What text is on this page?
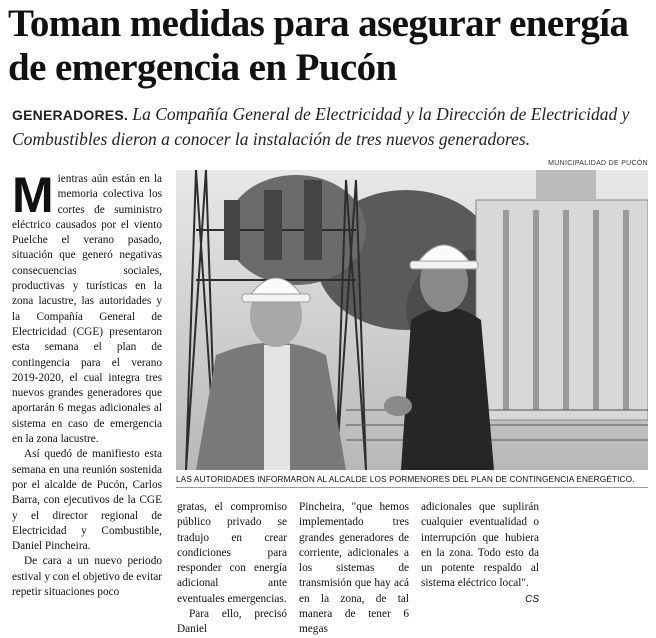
Toman medidas para asegurar energía de emergencia en Pucón

GENERADORES. La Compañía General de Electricidad y la Dirección de Electricidad y Combustibles dieron a conocer la instalación de tres nuevos generadores.

MUNICIPALIDAD DE PUCÓN

Mientras aún están en la memoria colectiva los cortes de suministro eléctrico causados por el viento Puelche el verano pasado, situación que generó negativas consecuencias sociales, productivas y turísticas en la zona lacustre, las autoridades y la Compañía General de Electricidad (CGE) presentaron esta semana el plan de contingencia para el verano 2019-2020, el cual integra tres nuevos grandes generadores que aportarán 6 megas adicionales al sistema en caso de emergencia en la zona lacustre.

Así quedó de manifiesto esta semana en una reunión sostenida por el alcalde de Pucón, Carlos Barra, con ejecutivos de la CGE y el director regional de Electricidad y Combustible, Daniel Pincheira.

De cara a un nuevo periodo estival y con el objetivo de evitar repetir situaciones poco

LAS AUTORIDADES INFORMARON AL ALCALDE LOS PORMENORES DEL PLAN DE CONTINGENCIA ENERGÉTICO.

gratas, el compromiso público privado se tradujo en crear condiciones para responder con energía adicional ante eventuales emergencias.

Para ello, precisó Daniel

Pincheira, "que hemos implementado tres grandes generadores de corriente, adicionales a los sistemas de transmisión que hay acá en la zona, de tal manera de tener 6 megas

adicionales que suplirán cualquier eventualidad o interrupción que hubiera en la zona. Todo esto da un potente respaldo al sistema eléctrico local".
CS
